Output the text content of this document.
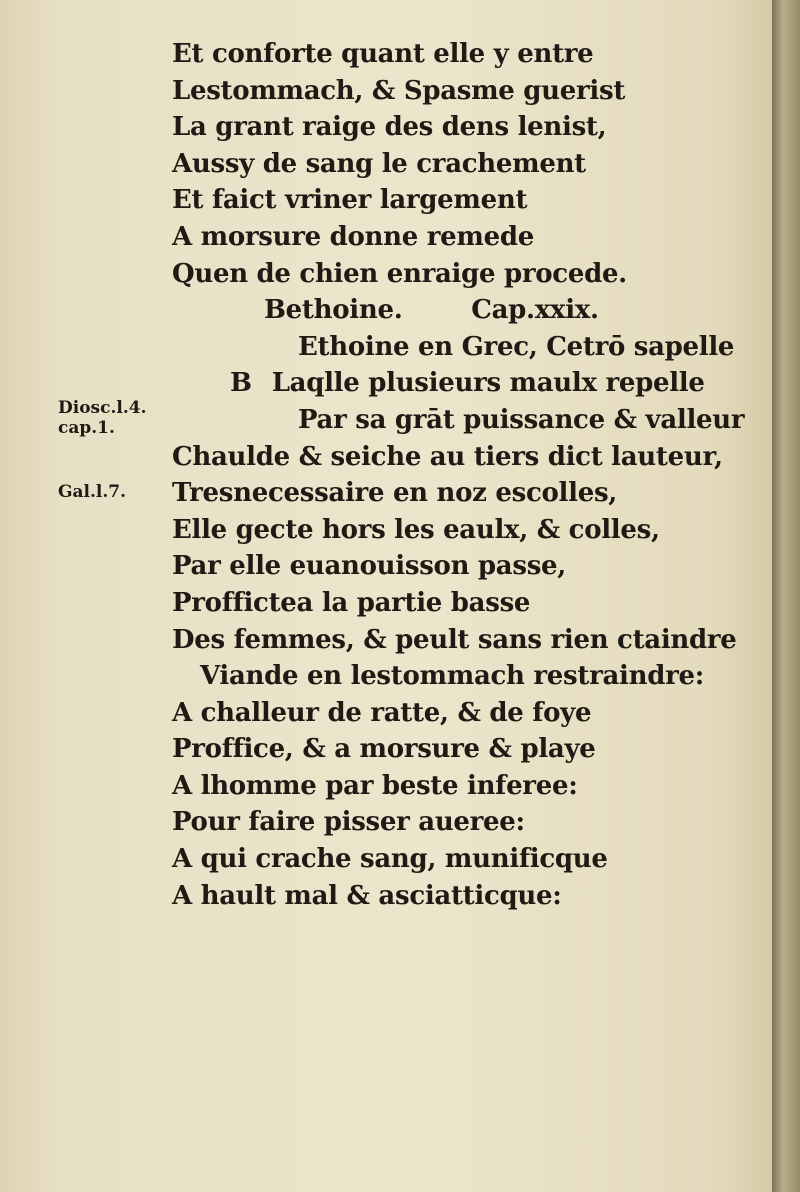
Diosc.l.4.
cap.1.
Gal.l.7.
Et conforte quant elle y entre
Lestommach, & Spasme guerist
La grant raige des dens lenist,
Aussy de sang le crachement
Et faict vriner largement
A morsure donne remede
Quen de chien enraige procede.
Bethoine.	Cap.xxix.
Ethoine en Grec, Cetrō sapelle
B Laqlle plusieurs maulx repelle
Par sa grāt puissance & valleur
Chaulde & seiche au tiers dict lauteur,
Tresnecessaire en noz escolles,
Elle gecte hors les eaulx, & colles,
Par elle euanouisson passe,
Proffictea la partie basse
Des femmes, & peult sans rien ctaindre
Viande en lestommach restraindre:
A challeur de ratte, & de foye
Proffice, & a morsure & playe
A lhomme par beste inferee:
Pour faire pisser aueree:
A qui crache sang, munificque
A hault mal & asciatticque:
